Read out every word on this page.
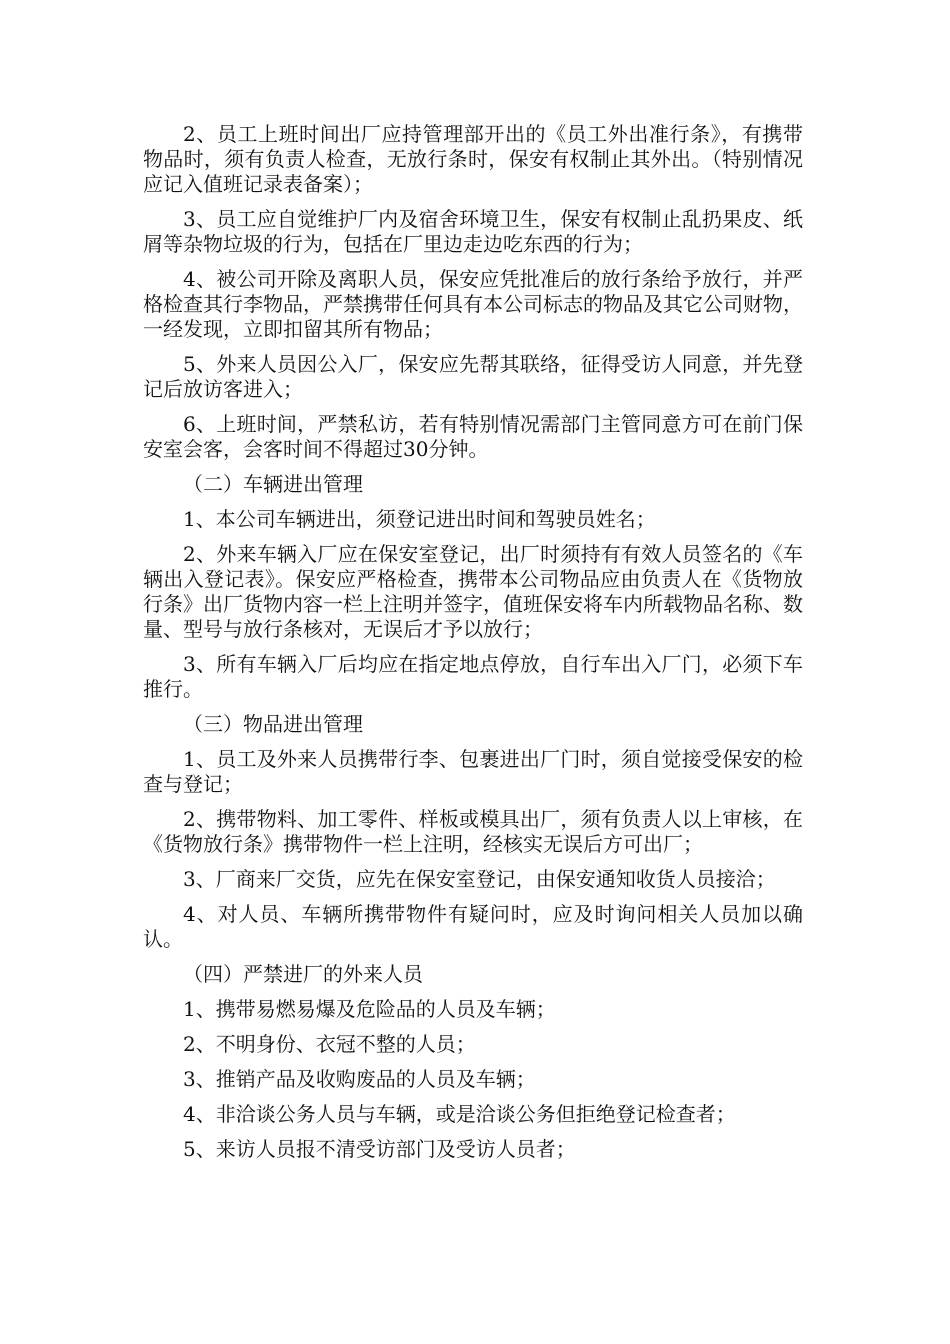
2、员工上班时间出厂应持管理部开出的《员工外出准行条》，有携带物品时，须有负责人检查，无放行条时，保安有权制止其外出。（特别情况应记入值班记录表备案）；

3、员工应自觉维护厂内及宿舍环境卫生，保安有权制止乱扔果皮、纸屑等杂物垃圾的行为，包括在厂里边走边吃东西的行为；

4、被公司开除及离职人员，保安应凭批准后的放行条给予放行，并严格检查其行李物品，严禁携带任何具有本公司标志的物品及其它公司财物，一经发现，立即扣留其所有物品；

5、外来人员因公入厂，保安应先帮其联络，征得受访人同意，并先登记后放访客进入；

6、上班时间，严禁私访，若有特别情况需部门主管同意方可在前门保安室会客，会客时间不得超过30分钟。

（二）车辆进出管理

1、本公司车辆进出，须登记进出时间和驾驶员姓名；

2、外来车辆入厂应在保安室登记，出厂时须持有有效人员签名的《车辆出入登记表》。保安应严格检查，携带本公司物品应由负责人在《货物放行条》出厂货物内容一栏上注明并签字，值班保安将车内所载物品名称、数量、型号与放行条核对，无误后才予以放行；

3、所有车辆入厂后均应在指定地点停放，自行车出入厂门，必须下车推行。

（三）物品进出管理

1、员工及外来人员携带行李、包裹进出厂门时，须自觉接受保安的检查与登记；

2、携带物料、加工零件、样板或模具出厂，须有负责人以上审核，在《货物放行条》携带物件一栏上注明，经核实无误后方可出厂；

3、厂商来厂交货，应先在保安室登记，由保安通知收货人员接洽；

4、对人员、车辆所携带物件有疑问时，应及时询问相关人员加以确认。

（四）严禁进厂的外来人员

1、携带易燃易爆及危险品的人员及车辆；

2、不明身份、衣冠不整的人员；

3、推销产品及收购废品的人员及车辆；

4、非洽谈公务人员与车辆，或是洽谈公务但拒绝登记检查者；

5、来访人员报不清受访部门及受访人员者；
